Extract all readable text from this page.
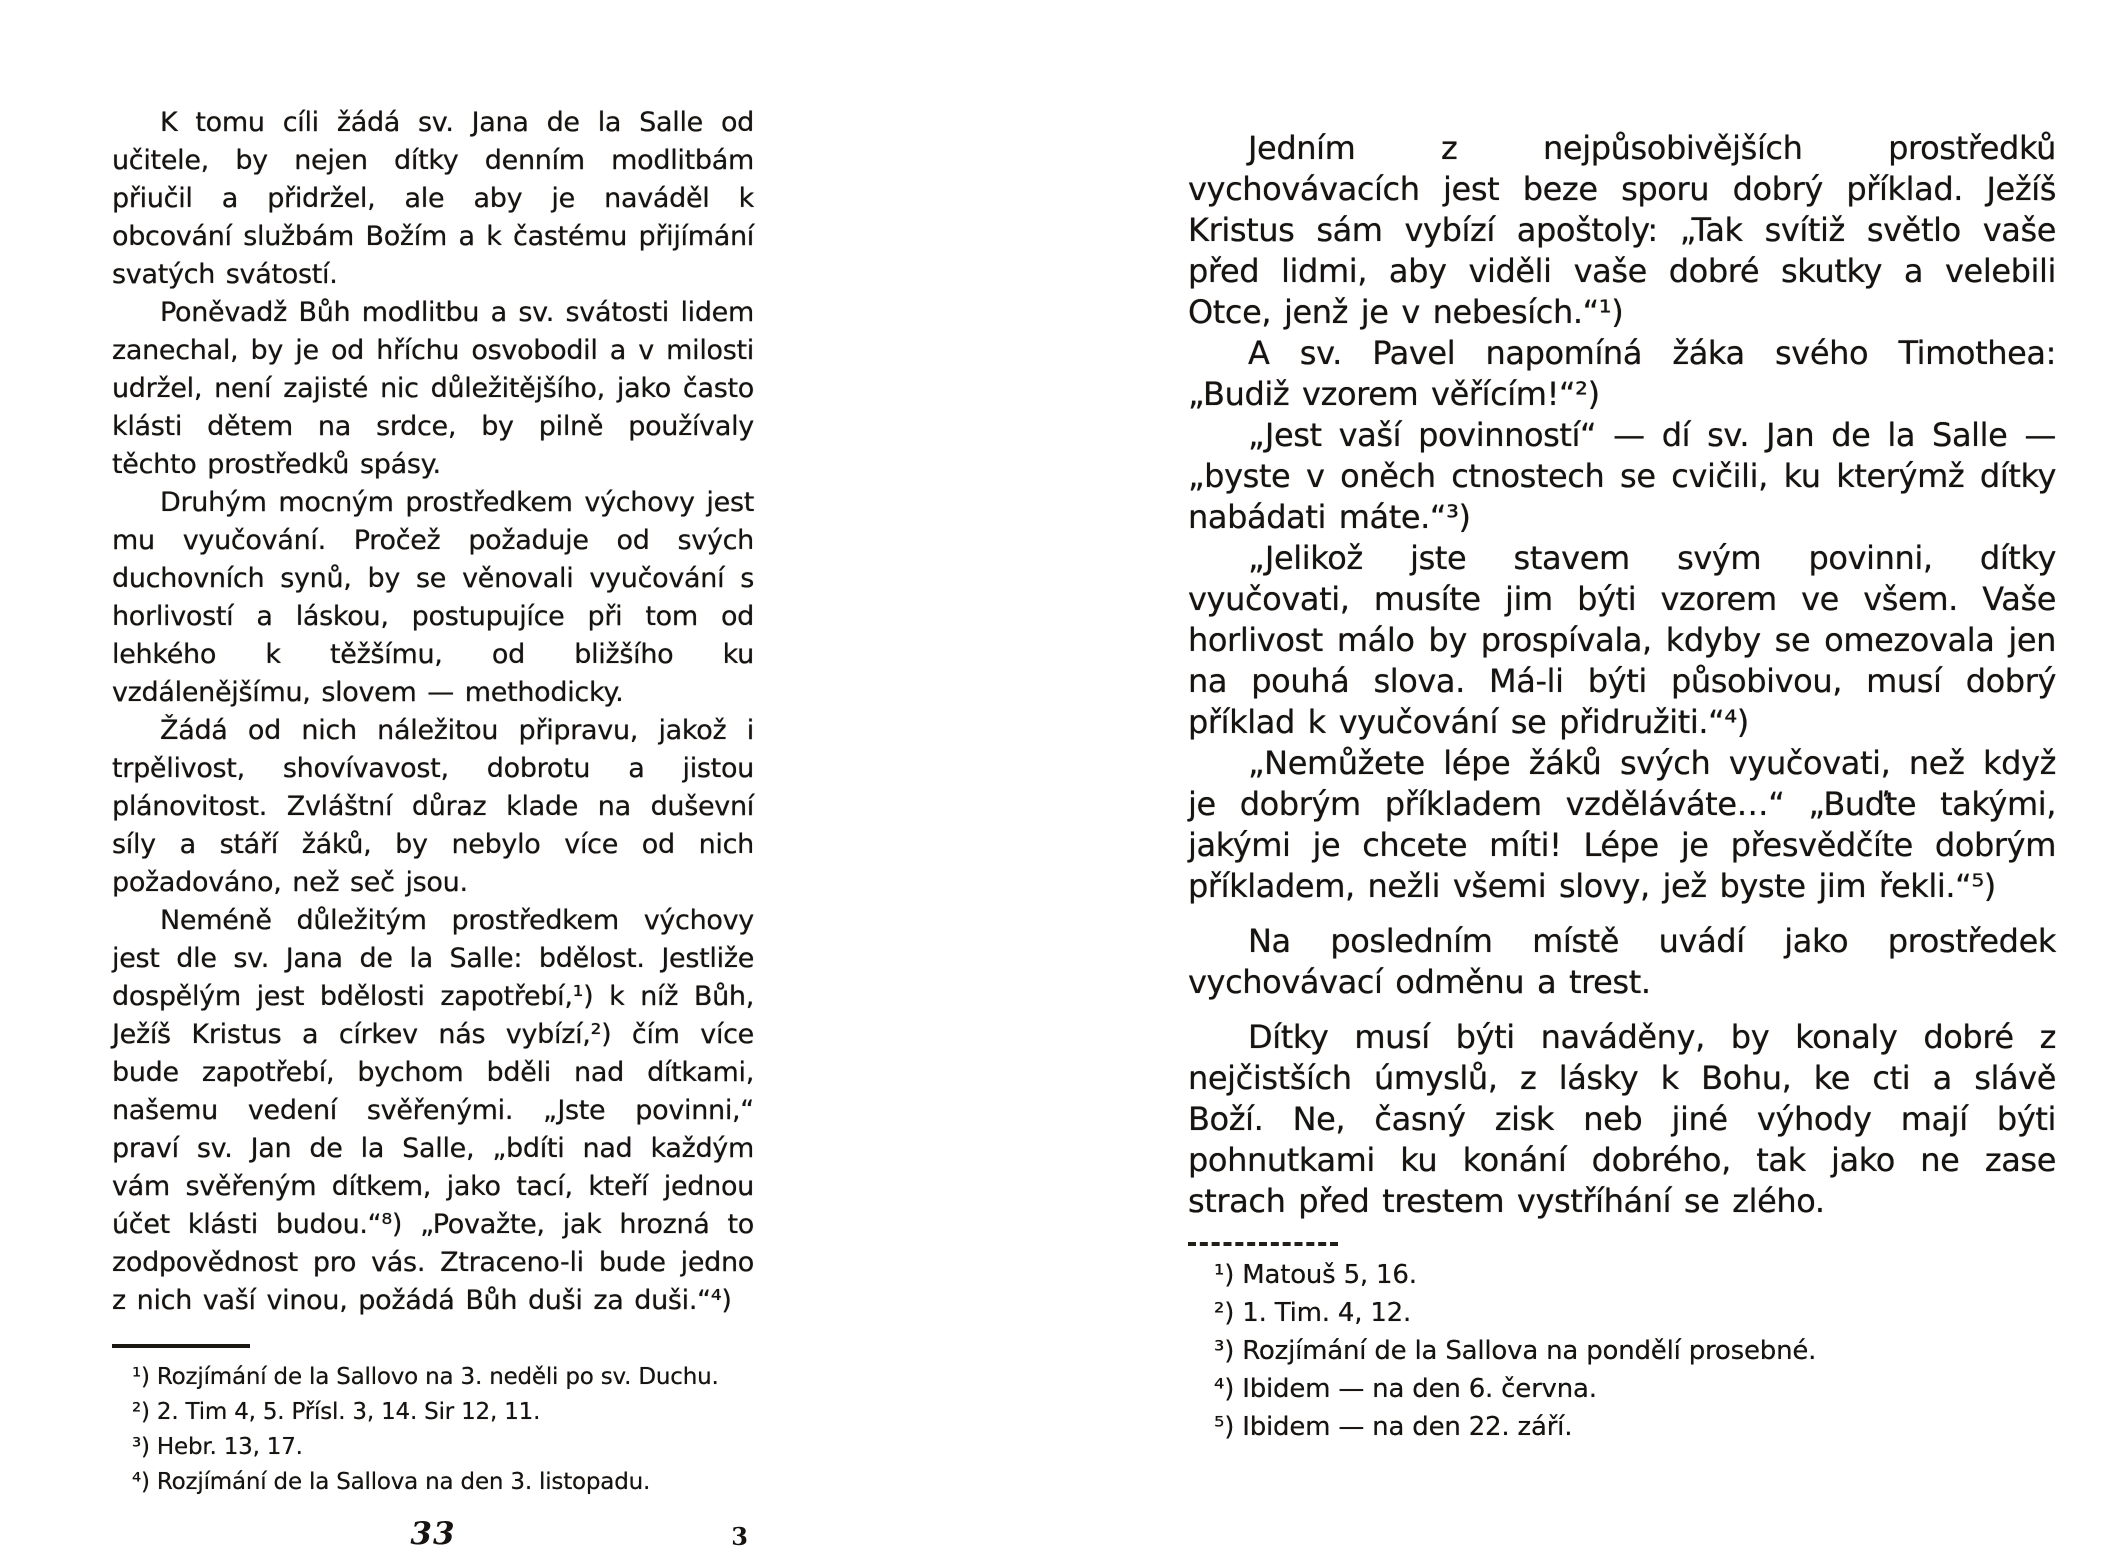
K tomu cíli žádá sv. Jana de la Salle od učitele, by nejen dítky denním modlitbám přiučil a přidržel, ale aby je naváděl k obcování službám Božím a k častému přijímání svatých svátostí.

Poněvadž Bůh modlitbu a sv. svátosti lidem zanechal, by je od hříchu osvobodil a v milosti udržel, není zajisté nic důležitějšího, jako často klásti dětem na srdce, by pilně používaly těchto prostředků spásy.

Druhým mocným prostředkem výchovy jest mu vyučování. Pročež požaduje od svých duchovních synů, by se věnovali vyučování s horlivostí a láskou, postupujíce při tom od lehkého k těžšímu, od bližšího ku vzdálenějšímu, slovem — methodicky.

Žádá od nich náležitou připravu, jakož i trpělivost, shovívavost, dobrotu a jistou plánovitost. Zvláštní důraz klade na duševní síly a stáří žáků, by nebylo více od nich požadováno, než seč jsou.

Neméně důležitým prostředkem výchovy jest dle sv. Jana de la Salle: bdělost. Jestliže dospělým jest bdělosti zapotřebí,¹) k níž Bůh, Ježíš Kristus a církev nás vybízí,²) čím více bude zapotřebí, bychom bděli nad dítkami, našemu vedení svěřenými. „Jste povinni,“ praví sv. Jan de la Salle, „bdíti nad každým vám svěřeným dítkem, jako tací, kteří jednou účet klásti budou.“⁸) „Považte, jak hrozná to zodpovědnost pro vás. Ztraceno-li bude jedno z nich vaší vinou, požádá Bůh duši za duši.“⁴)

¹) Rozjímání de la Sallovo na 3. neděli po sv. Duchu.
²) 2. Tim 4, 5. Přísl. 3, 14. Sir 12, 11.
³) Hebr. 13, 17.
⁴) Rozjímání de la Sallova na den 3. listopadu.
33	3

Jedním z nejpůsobivějších prostředků vychovávacích jest beze sporu dobrý příklad. Ježíš Kristus sám vybízí apoštoly: „Tak svítiž světlo vaše před lidmi, aby viděli vaše dobré skutky a velebili Otce, jenž je v nebesích.“¹)

A sv. Pavel napomíná žáka svého Timothea: „Budiž vzorem věřícím!“²)

„Jest vaší povinností“ — dí sv. Jan de la Salle — „byste v oněch ctnostech se cvičili, ku kterýmž dítky nabádati máte.“³)

„Jelikož jste stavem svým povinni, dítky vyučovati, musíte jim býti vzorem ve všem. Vaše horlivost málo by prospívala, kdyby se omezovala jen na pouhá slova. Má-li býti působivou, musí dobrý příklad k vyučování se přidružiti.“⁴)

„Nemůžete lépe žáků svých vyučovati, než když je dobrým příkladem vzděláváte…“ „Buďte takými, jakými je chcete míti! Lépe je přesvědčíte dobrým příkladem, nežli všemi slovy, jež byste jim řekli.“⁵)

Na posledním místě uvádí jako prostředek vychovávací odměnu a trest.

Dítky musí býti naváděny, by konaly dobré z nejčistších úmyslů, z lásky k Bohu, ke cti a slávě Boží. Ne, časný zisk neb jiné výhody mají býti pohnutkami ku konání dobrého, tak jako ne zase strach před trestem vystříhání se zlého.

¹) Matouš 5, 16.
²) 1. Tim. 4, 12.
³) Rozjímání de la Sallova na pondělí prosebné.
⁴) Ibidem — na den 6. června.
⁵) Ibidem — na den 22. září.
